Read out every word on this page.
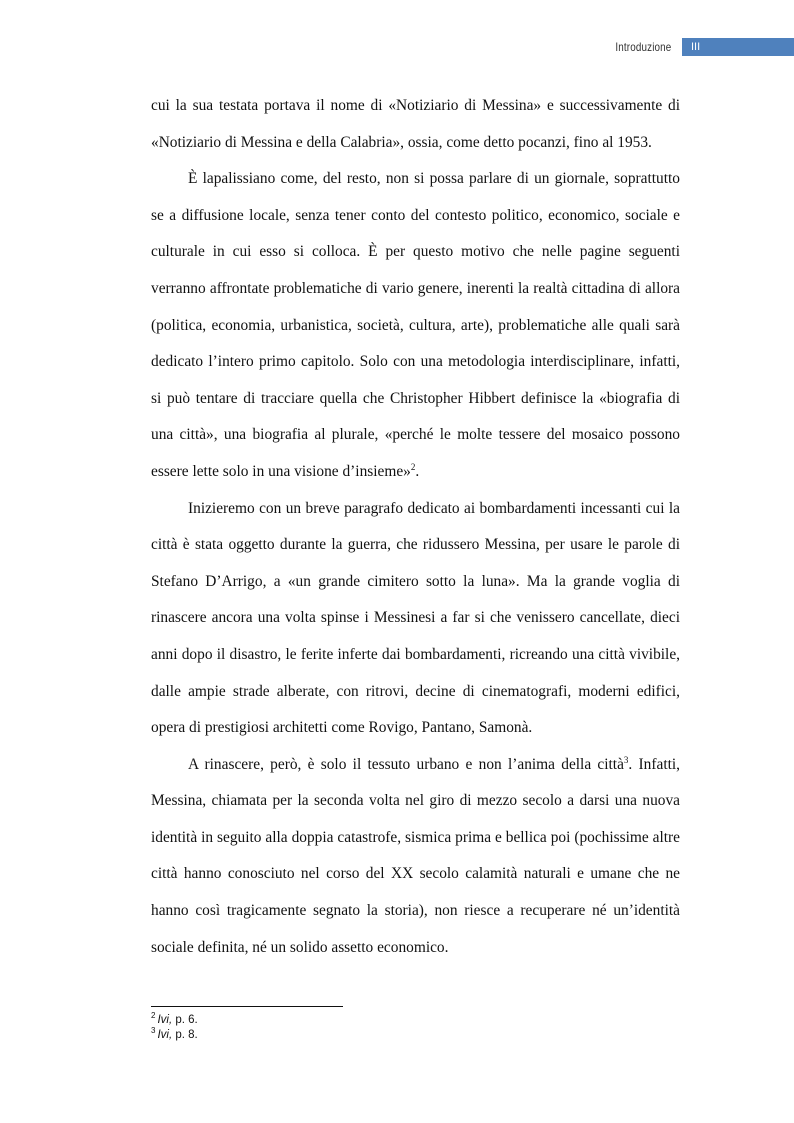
Introduzione	III

cui la sua testata portava il nome di «Notiziario di Messina» e successivamente di «Notiziario di Messina e della Calabria», ossia, come detto pocanzi, fino al 1953.

È lapalissiano come, del resto, non si possa parlare di un giornale, soprattutto se a diffusione locale, senza tener conto del contesto politico, economico, sociale e culturale in cui esso si colloca. È per questo motivo che nelle pagine seguenti verranno affrontate problematiche di vario genere, inerenti la realtà cittadina di allora (politica, economia, urbanistica, società, cultura, arte), problematiche alle quali sarà dedicato l’intero primo capitolo. Solo con una metodologia interdisciplinare, infatti, si può tentare di tracciare quella che Christopher Hibbert definisce la «biografia di una città», una biografia al plurale, «perché le molte tessere del mosaico possono essere lette solo in una visione d’insieme»$^2$.

Inizieremo con un breve paragrafo dedicato ai bombardamenti incessanti cui la città è stata oggetto durante la guerra, che ridussero Messina, per usare le parole di Stefano D’Arrigo, a «un grande cimitero sotto la luna». Ma la grande voglia di rinascere ancora una volta spinse i Messinesi a far si che venissero cancellate, dieci anni dopo il disastro, le ferite inferte dai bombardamenti, ricreando una città vivibile, dalle ampie strade alberate, con ritrovi, decine di cinematografi, moderni edifici, opera di prestigiosi architetti come Rovigo, Pantano, Samonà.

A rinascere, però, è solo il tessuto urbano e non l’anima della città$^3$. Infatti, Messina, chiamata per la seconda volta nel giro di mezzo secolo a darsi una nuova identità in seguito alla doppia catastrofe, sismica prima e bellica poi (pochissime altre città hanno conosciuto nel corso del XX secolo calamità naturali e umane che ne hanno così tragicamente segnato la storia), non riesce a recuperare né un’identità sociale definita, né un solido assetto economico.

$^2$ Ivi, p. 6.
$^3$ Ivi, p. 8.
